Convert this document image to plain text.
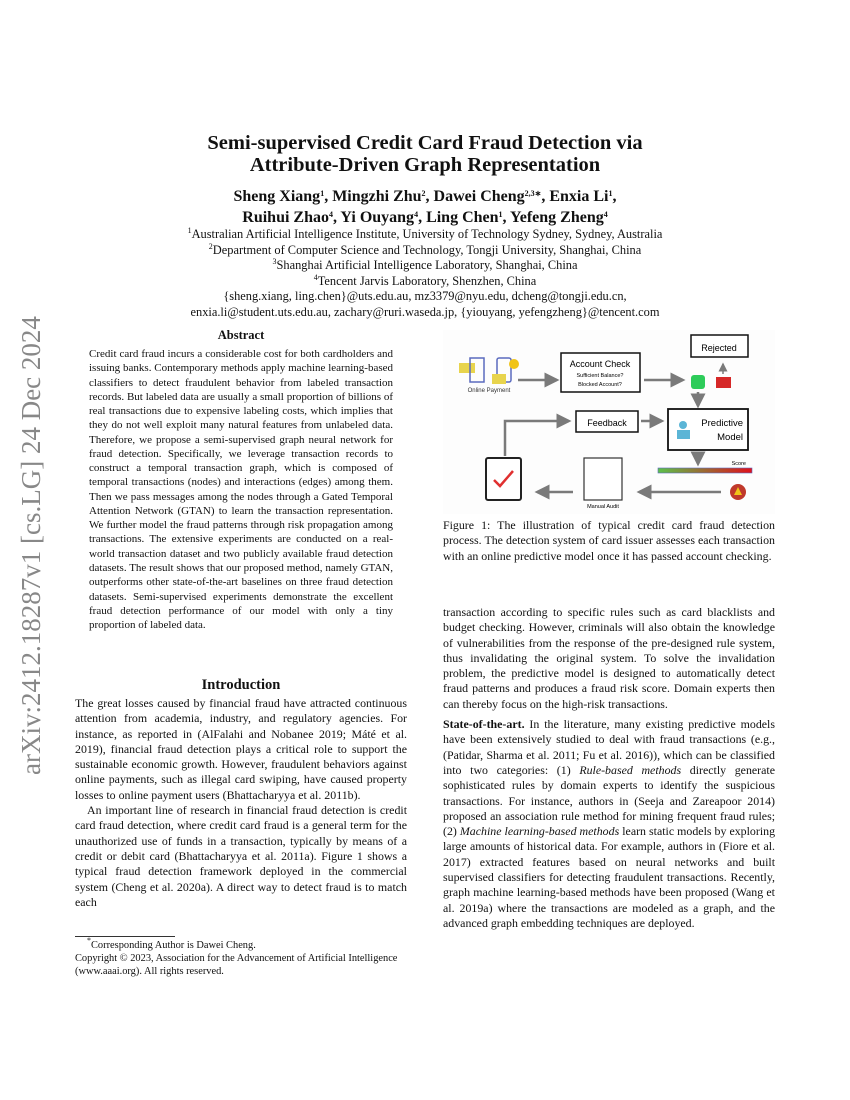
arXiv:2412.18287v1 [cs.LG] 24 Dec 2024
Semi-supervised Credit Card Fraud Detection via
Attribute-Driven Graph Representation
Sheng Xiang$^1$, Mingzhi Zhu$^2$, Dawei Cheng$^{2,3∗}$, Enxia Li$^1$,
Ruihui Zhao$^4$, Yi Ouyang$^4$, Ling Chen$^1$, Yefeng Zheng$^4$
$^1$Australian Artificial Intelligence Institute, University of Technology Sydney, Sydney, Australia
$^2$Department of Computer Science and Technology, Tongji University, Shanghai, China
$^3$Shanghai Artificial Intelligence Laboratory, Shanghai, China
$^4$Tencent Jarvis Laboratory, Shenzhen, China
{sheng.xiang, ling.chen}@uts.edu.au, mz3379@nyu.edu, dcheng@tongji.edu.cn,
enxia.li@student.uts.edu.au, zachary@ruri.waseda.jp, {yiouyang, yefengzheng}@tencent.com
Abstract
Credit card fraud incurs a considerable cost for both cardholders and issuing banks. Contemporary methods apply machine learning-based classifiers to detect fraudulent behavior from labeled transaction records. But labeled data are usually a small proportion of billions of real transactions due to expensive labeling costs, which implies that they do not well exploit many natural features from unlabeled data. Therefore, we propose a semi-supervised graph neural network for fraud detection. Specifically, we leverage transaction records to construct a temporal transaction graph, which is composed of temporal transactions (nodes) and interactions (edges) among them. Then we pass messages among the nodes through a Gated Temporal Attention Network (GTAN) to learn the transaction representation. We further model the fraud patterns through risk propagation among transactions. The extensive experiments are conducted on a real-world transaction dataset and two publicly available fraud detection datasets. The result shows that our proposed method, namely GTAN, outperforms other state-of-the-art baselines on three fraud detection datasets. Semi-supervised experiments demonstrate the excellent fraud detection performance of our model with only a tiny proportion of labeled data.
Introduction

The great losses caused by financial fraud have attracted continuous attention from academia, industry, and regulatory agencies. For instance, as reported in (AlFalahi and Nobanee 2019; Máté et al. 2019), financial fraud detection plays a critical role to support the sustainable economic growth. However, fraudulent behaviors against online payments, such as illegal card swiping, have caused property losses to online payment users (Bhattacharyya et al. 2011b).

An important line of research in financial fraud detection is credit card fraud detection, where credit card fraud is a general term for the unauthorized use of funds in a transaction, typically by means of a credit or debit card (Bhattacharyya et al. 2011a). Figure 1 shows a typical fraud detection framework deployed in the commercial system (Cheng et al. 2020a). A direct way to detect fraud is to match each

*Corresponding Author is Dawei Cheng.
Copyright © 2023, Association for the Advancement of Artificial Intelligence (www.aaai.org). All rights reserved.
Online Payment
Account Check
Sufficient Balance?
Blocked Account?
Rejected
Predictive
Model
Feedback
Score
Manual Audit
Figure 1: The illustration of typical credit card fraud detection process. The detection system of card issuer assesses each transaction with an online predictive model once it has passed account checking.

transaction according to specific rules such as card blacklists and budget checking. However, criminals will also obtain the knowledge of vulnerabilities from the response of the pre-designed rule system, thus invalidating the original system. To solve the invalidation problem, the predictive model is designed to automatically detect fraud patterns and produces a fraud risk score. Domain experts then can thereby focus on the high-risk transactions.

State-of-the-art. In the literature, many existing predictive models have been extensively studied to deal with fraud transactions (e.g., (Patidar, Sharma et al. 2011; Fu et al. 2016)), which can be classified into two categories: (1) Rule-based methods directly generate sophisticated rules by domain experts to identify the suspicious transactions. For instance, authors in (Seeja and Zareapoor 2014) proposed an association rule method for mining frequent fraud rules; (2) Machine learning-based methods learn static models by exploring large amounts of historical data. For example, authors in (Fiore et al. 2017) extracted features based on neural networks and built supervised classifiers for detecting fraudulent transactions. Recently, graph machine learning-based methods have been proposed (Wang et al. 2019a) where the transactions are modeled as a graph, and the advanced graph embedding techniques are deployed.
